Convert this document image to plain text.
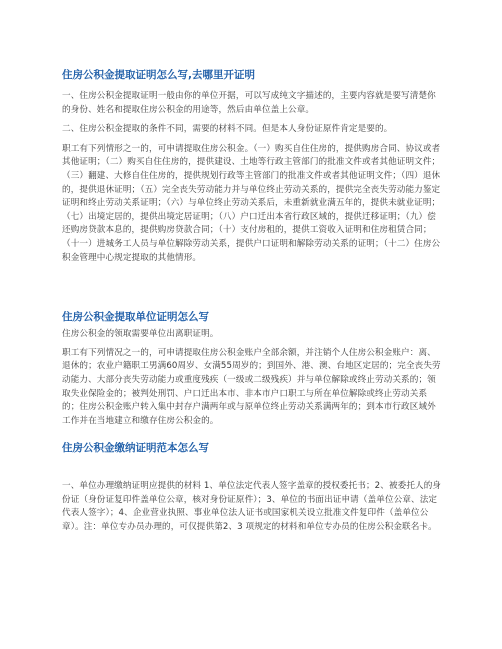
住房公积金提取证明怎么写,去哪里开证明

一、住房公积金提取证明一般由你的单位开据，可以写成纯文字描述的，主要内容就是要写清楚你的身份、姓名和提取住房公积金的用途等，然后由单位盖上公章。

二、住房公积金提取的条件不同，需要的材料不同。但是本人身份证原件肯定是要的。

职工有下列情形之一的，可申请提取住房公积金。（一）购买自住住房的，提供购房合同、协议或者其他证明；（二）购买自住住房的，提供建设、土地等行政主管部门的批准文件或者其他证明文件；（三）翻建、大修自住住房的，提供规划行政等主管部门的批准文件或者其他证明文件；（四）退休的，提供退休证明；（五）完全丧失劳动能力并与单位终止劳动关系的，提供完全丧失劳动能力鉴定证明和终止劳动关系证明；（六）与单位终止劳动关系后，未重新就业满五年的，提供未就业证明；（七）出境定居的，提供出境定居证明；（八）户口迁出本省行政区域的，提供迁移证明；（九）偿还购房贷款本息的，提供购房贷款合同；（十）支付房租的，提供工资收入证明和住房租赁合同；（十一）进城务工人员与单位解除劳动关系，提供户口证明和解除劳动关系的证明；（十二）住房公积金管理中心规定提取的其他情形。

住房公积金提取单位证明怎么写

住房公积金的领取需要单位出离职证明。

职工有下列情况之一的，可申请提取住房公积金账户全部余额，并注销个人住房公积金账户：离、退休的；农业户籍职工男满60周岁、女满55周岁的；到国外、港、澳、台地区定居的；完全丧失劳动能力、大部分丧失劳动能力或重度残疾（一级或二级残疾）并与单位解除或终止劳动关系的；领取失业保险金的；被判处刑罚、户口迁出本市、非本市户口职工与所在单位解除或终止劳动关系的；住房公积金账户转入集中封存户满两年或与原单位终止劳动关系满两年的；到本市行政区域外工作并在当地建立和缴存住房公积金的。

住房公积金缴纳证明范本怎么写

一、单位办理缴纳证明应提供的材料 1、单位法定代表人签字盖章的授权委托书；2、被委托人的身份证（身份证复印件盖单位公章，核对身份证原件）；3、单位的书面出证申请（盖单位公章、法定代表人签字）；4、企业营业执照、事业单位法人证书或国家机关设立批准文件复印件（盖单位公章）。注：单位专办员办理的，可仅提供第2、3 项规定的材料和单位专办员的住房公积金联名卡。
